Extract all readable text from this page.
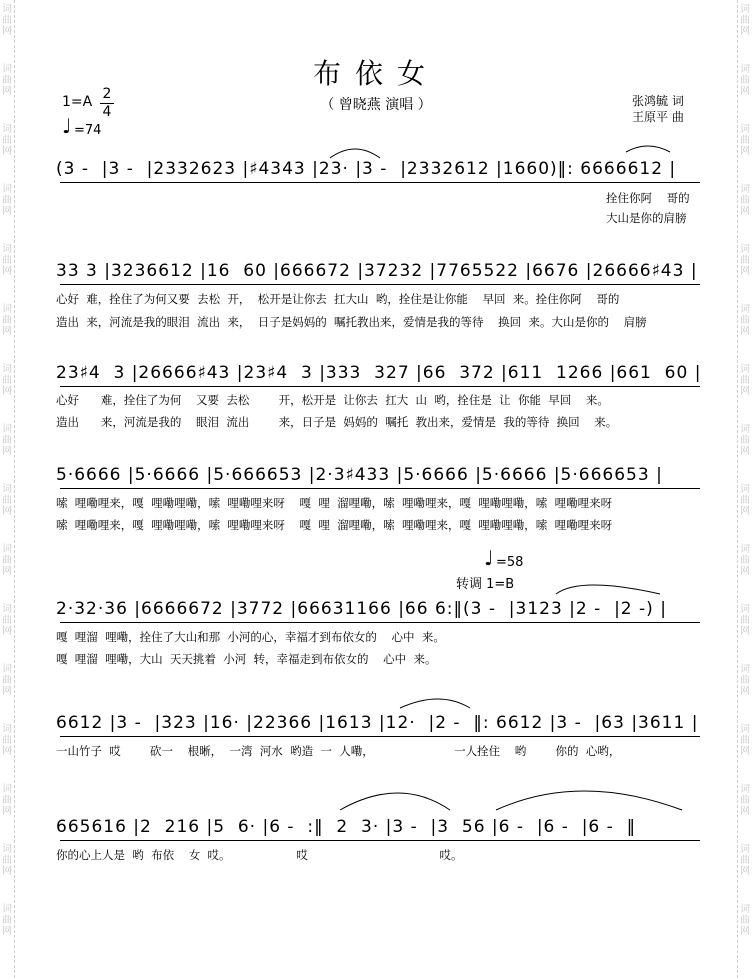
词
曲
网
词
曲
网
词
曲
网
词
曲
网
词
曲
网
词
曲
网
词
曲
网
词
曲
网
词
曲
网
词
曲
网
词
曲
网
词
曲
网
词
曲
网
词
曲
网
词
曲
网
词
曲
网
词
曲
网
词
曲
网
词
曲
网
词
曲
网
词
曲
网
词
曲
网
词
曲
网
词
曲
网
词
曲
网
词
曲
网
词
曲
网
词
曲
网
词
曲
网
词
曲
网
词
曲
网
词
曲
网
布依女
（ 曾晓燕 演唱 ）	张鸿毓 词
王原平 曲
1=A 2
4
♩ =74
(3 -  |3 -  |2332623 |♯4343 |23· |3 -  |2332612 |1660)‖: 6666612 |
拴住你阿    哥的
大山是你的肩膀
33 3 |3236612 |16  60 |666672 |37232 |7765522 |6676 |26666♯43 |
心好  难，拴住了为何又要  去松  开，  松开是让你去  扛大山  哟，拴住是让你能    早回  来。拴住你阿    哥的
造出  来，河流是我的眼泪  流出  来，  日子是妈妈的  嘱托教出来，爱情是我的等待    换回  来。大山是你的    肩膀
23♯4  3 |26666♯43 |23♯4  3 |333  327 |66  372 |611  1266 |661  60 |
心好      难，拴住了为何    又要  去松        开，松开是  让你去  扛大  山  哟，拴住是  让  你能  早回    来。
造出      来，河流是我的    眼泪  流出        来，日子是  妈妈的  嘱托  教出来，爱情是  我的等待  换回    来。
5·6666 |5·6666 |5·666653 |2·3♯433 |5·6666 |5·6666 |5·666653 |
嗦  哩嘞哩来，嘎  哩嘞哩嘞，嗦  哩嘞哩来呀    嘎  哩  溜哩嘞，嗦  哩嘞哩来，嘎  哩嘞哩嘞，嗦  哩嘞哩来呀
嗦  哩嘞哩来，嘎  哩嘞哩嘞，嗦  哩嘞哩来呀    嘎  哩  溜哩嘞，嗦  哩嘞哩来，嘎  哩嘞哩嘞，嗦  哩嘞哩来呀
♩ =58
转调 1=B
2·32·36 |6666672 |3772 |66631166 |66 6:‖(3 -  |3123 |2 -  |2 -) |
嘎  哩溜  哩嘞，拴住了大山和那  小河的心，幸福才到布依女的    心中  来。
嘎  哩溜  哩嘞，大山  天天挑着  小河  转，幸福走到布依女的    心中  来。
6612 |3 -  |323 |16· |22366 |1613 |12·  |2 -  ‖: 6612 |3 -  |63 |3611 |
一山竹子  哎        砍一    根晰，  一湾  河水  哟造  一  人嘞，                      一人拴住    哟        你的  心哟，
665616 |2  216 |5  6· |6 -  :‖  2  3· |3 -  |3  56 |6 -  |6 -  |6 -  ‖
你的心上人是  哟  布依    女  哎。                  哎                                    哎。
